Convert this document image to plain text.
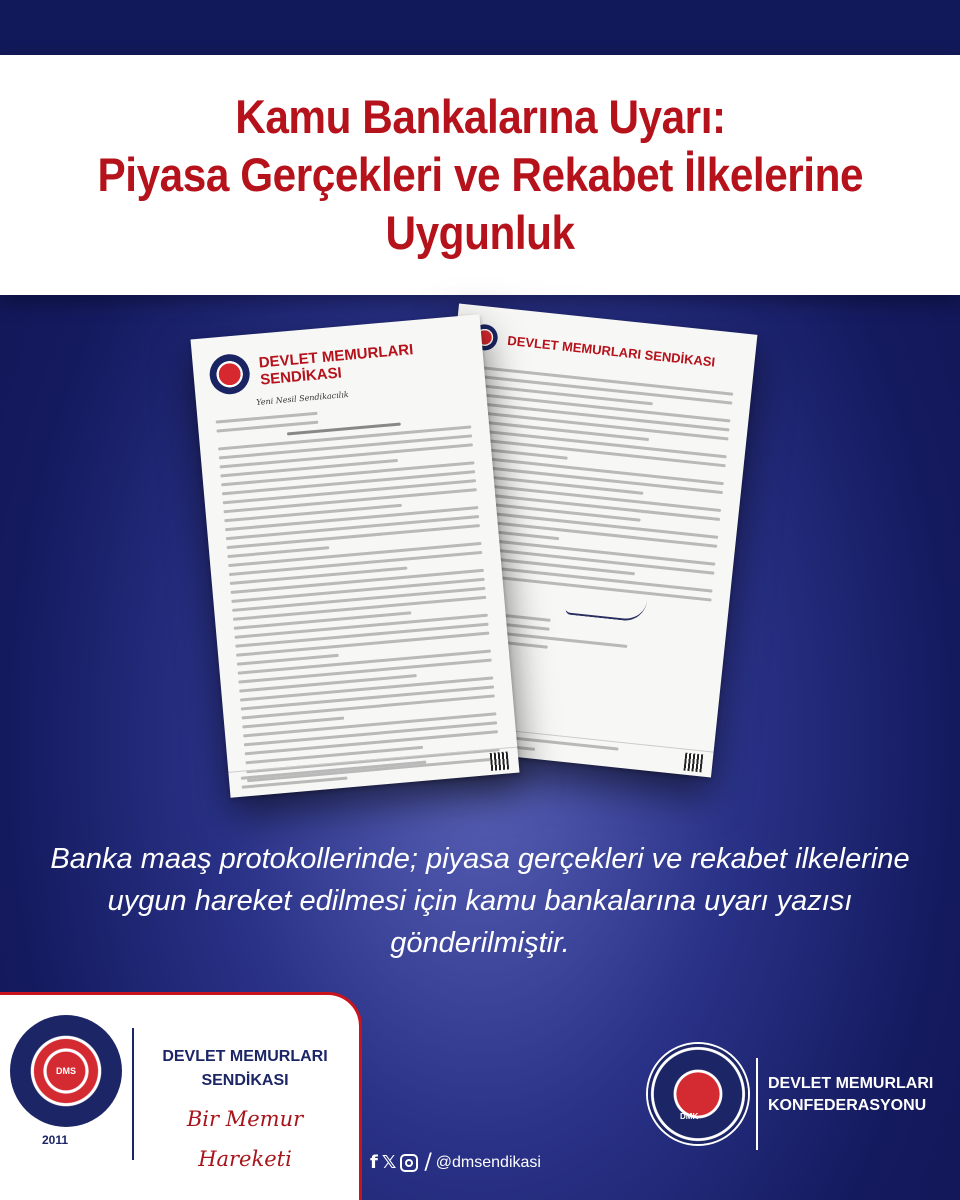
Kamu Bankalarına Uyarı:
Piyasa Gerçekleri ve Rekabet İlkelerine
Uygunluk
DEVLET MEMURLARI SENDİKASI
DEVLET MEMURLARI SENDİKASI
Yeni Nesil Sendikacılık
Banka maaş protokollerinde; piyasa gerçekleri ve rekabet ilkelerine uygun hareket edilmesi için kamu bankalarına uyarı yazısı gönderilmiştir.
DMS
2011
DEVLET MEMURLARI
SENDİKASI
Bir Memur
Hareketi	f 𝕏 / @dmsendikasi
DMK
DEVLET MEMURLARI
KONFEDERASYONU
